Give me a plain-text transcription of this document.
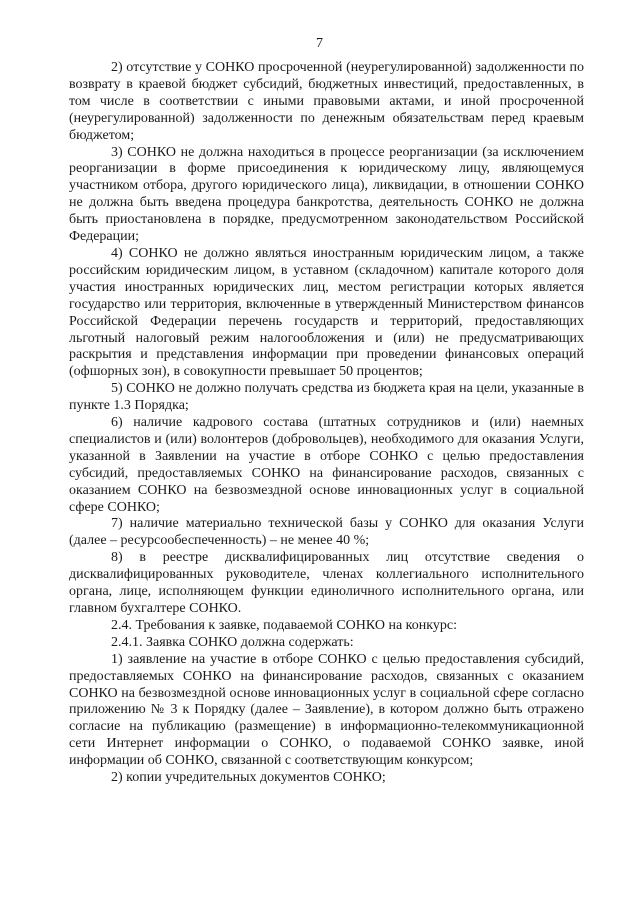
7

2) отсутствие у СОНКО просроченной (неурегулированной) задолженности по возврату в краевой бюджет субсидий, бюджетных инвестиций, предоставленных, в том числе в соответствии с иными правовыми актами, и иной просроченной (неурегулированной) задолженности по денежным обязательствам перед краевым бюджетом;

3) СОНКО не должна находиться в процессе реорганизации (за исключением реорганизации в форме присоединения к юридическому лицу, являющемуся участником отбора, другого юридического лица), ликвидации, в отношении СОНКО не должна быть введена процедура банкротства, деятельность СОНКО не должна быть приостановлена в порядке, предусмотренном законодательством Российской Федерации;

4) СОНКО не должно являться иностранным юридическим лицом, а также российским юридическим лицом, в уставном (складочном) капитале которого доля участия иностранных юридических лиц, местом регистрации которых является государство или территория, включенные в утвержденный Министерством финансов Российской Федерации перечень государств и территорий, предоставляющих льготный налоговый режим налогообложения и (или) не предусматривающих раскрытия и представления информации при проведении финансовых операций (офшорных зон), в совокупности превышает 50 процентов;

5) СОНКО не должно получать средства из бюджета края на цели, указанные в пункте 1.3 Порядка;

6) наличие кадрового состава (штатных сотрудников и (или) наемных специалистов и (или) волонтеров (добровольцев), необходимого для оказания Услуги, указанной в Заявлении на участие в отборе СОНКО с целью предоставления субсидий, предоставляемых СОНКО на финансирование расходов, связанных с оказанием СОНКО на безвозмездной основе инновационных услуг в социальной сфере СОНКО;

7) наличие материально технической базы у СОНКО для оказания Услуги (далее – ресурсообеспеченность) – не менее 40 %;

8) в реестре дисквалифицированных лиц отсутствие сведения о дисквалифицированных руководителе, членах коллегиального исполнительного органа, лице, исполняющем функции единоличного исполнительного органа, или главном бухгалтере СОНКО.

2.4. Требования к заявке, подаваемой СОНКО на конкурс:

2.4.1. Заявка СОНКО должна содержать:

1) заявление на участие в отборе СОНКО с целью предоставления субсидий, предоставляемых СОНКО на финансирование расходов, связанных с оказанием СОНКО на безвозмездной основе инновационных услуг в социальной сфере согласно приложению № 3 к Порядку (далее – Заявление), в котором должно быть отражено согласие на публикацию (размещение) в информационно-телекоммуникационной сети Интернет информации о СОНКО, о подаваемой СОНКО заявке, иной информации об СОНКО, связанной с соответствующим конкурсом;

2) копии учредительных документов СОНКО;
